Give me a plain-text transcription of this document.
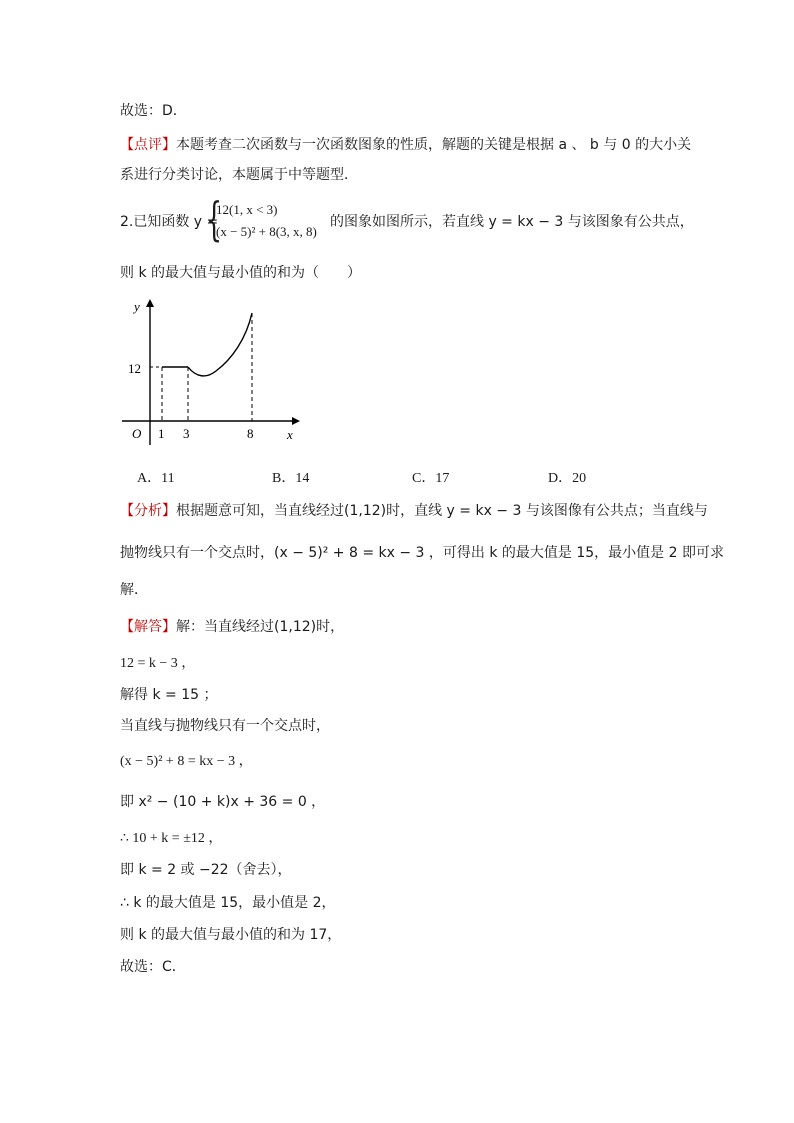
故选：D．
【点评】本题考查二次函数与一次函数图象的性质，解题的关键是根据 a 、 b 与 0 的大小关
系进行分类讨论，本题属于中等题型．
2.已知函数 y =
{
12(1, x < 3)
(x − 5)² + 8(3, x, 8)
的图象如图所示，若直线 y = kx − 3 与该图象有公共点，
则 k 的最大值与最小值的和为（　　）
y
x
O
12
1 3	8
A．11	B．14	C．17	D．20
【分析】根据题意可知，当直线经过(1,12)时，直线 y = kx − 3 与该图像有公共点；当直线与
抛物线只有一个交点时，(x − 5)² + 8 = kx − 3 ，可得出 k 的最大值是 15，最小值是 2 即可求
解．
【解答】解：当直线经过(1,12)时，
12 = k − 3 ，
解得 k = 15 ；
当直线与抛物线只有一个交点时，
(x − 5)² + 8 = kx − 3 ，
即 x² − (10 + k)x + 36 = 0 ，
∴ 10 + k = ±12 ，
即 k = 2 或 −22（舍去），
∴ k 的最大值是 15，最小值是 2，
则 k 的最大值与最小值的和为 17，
故选：C．
